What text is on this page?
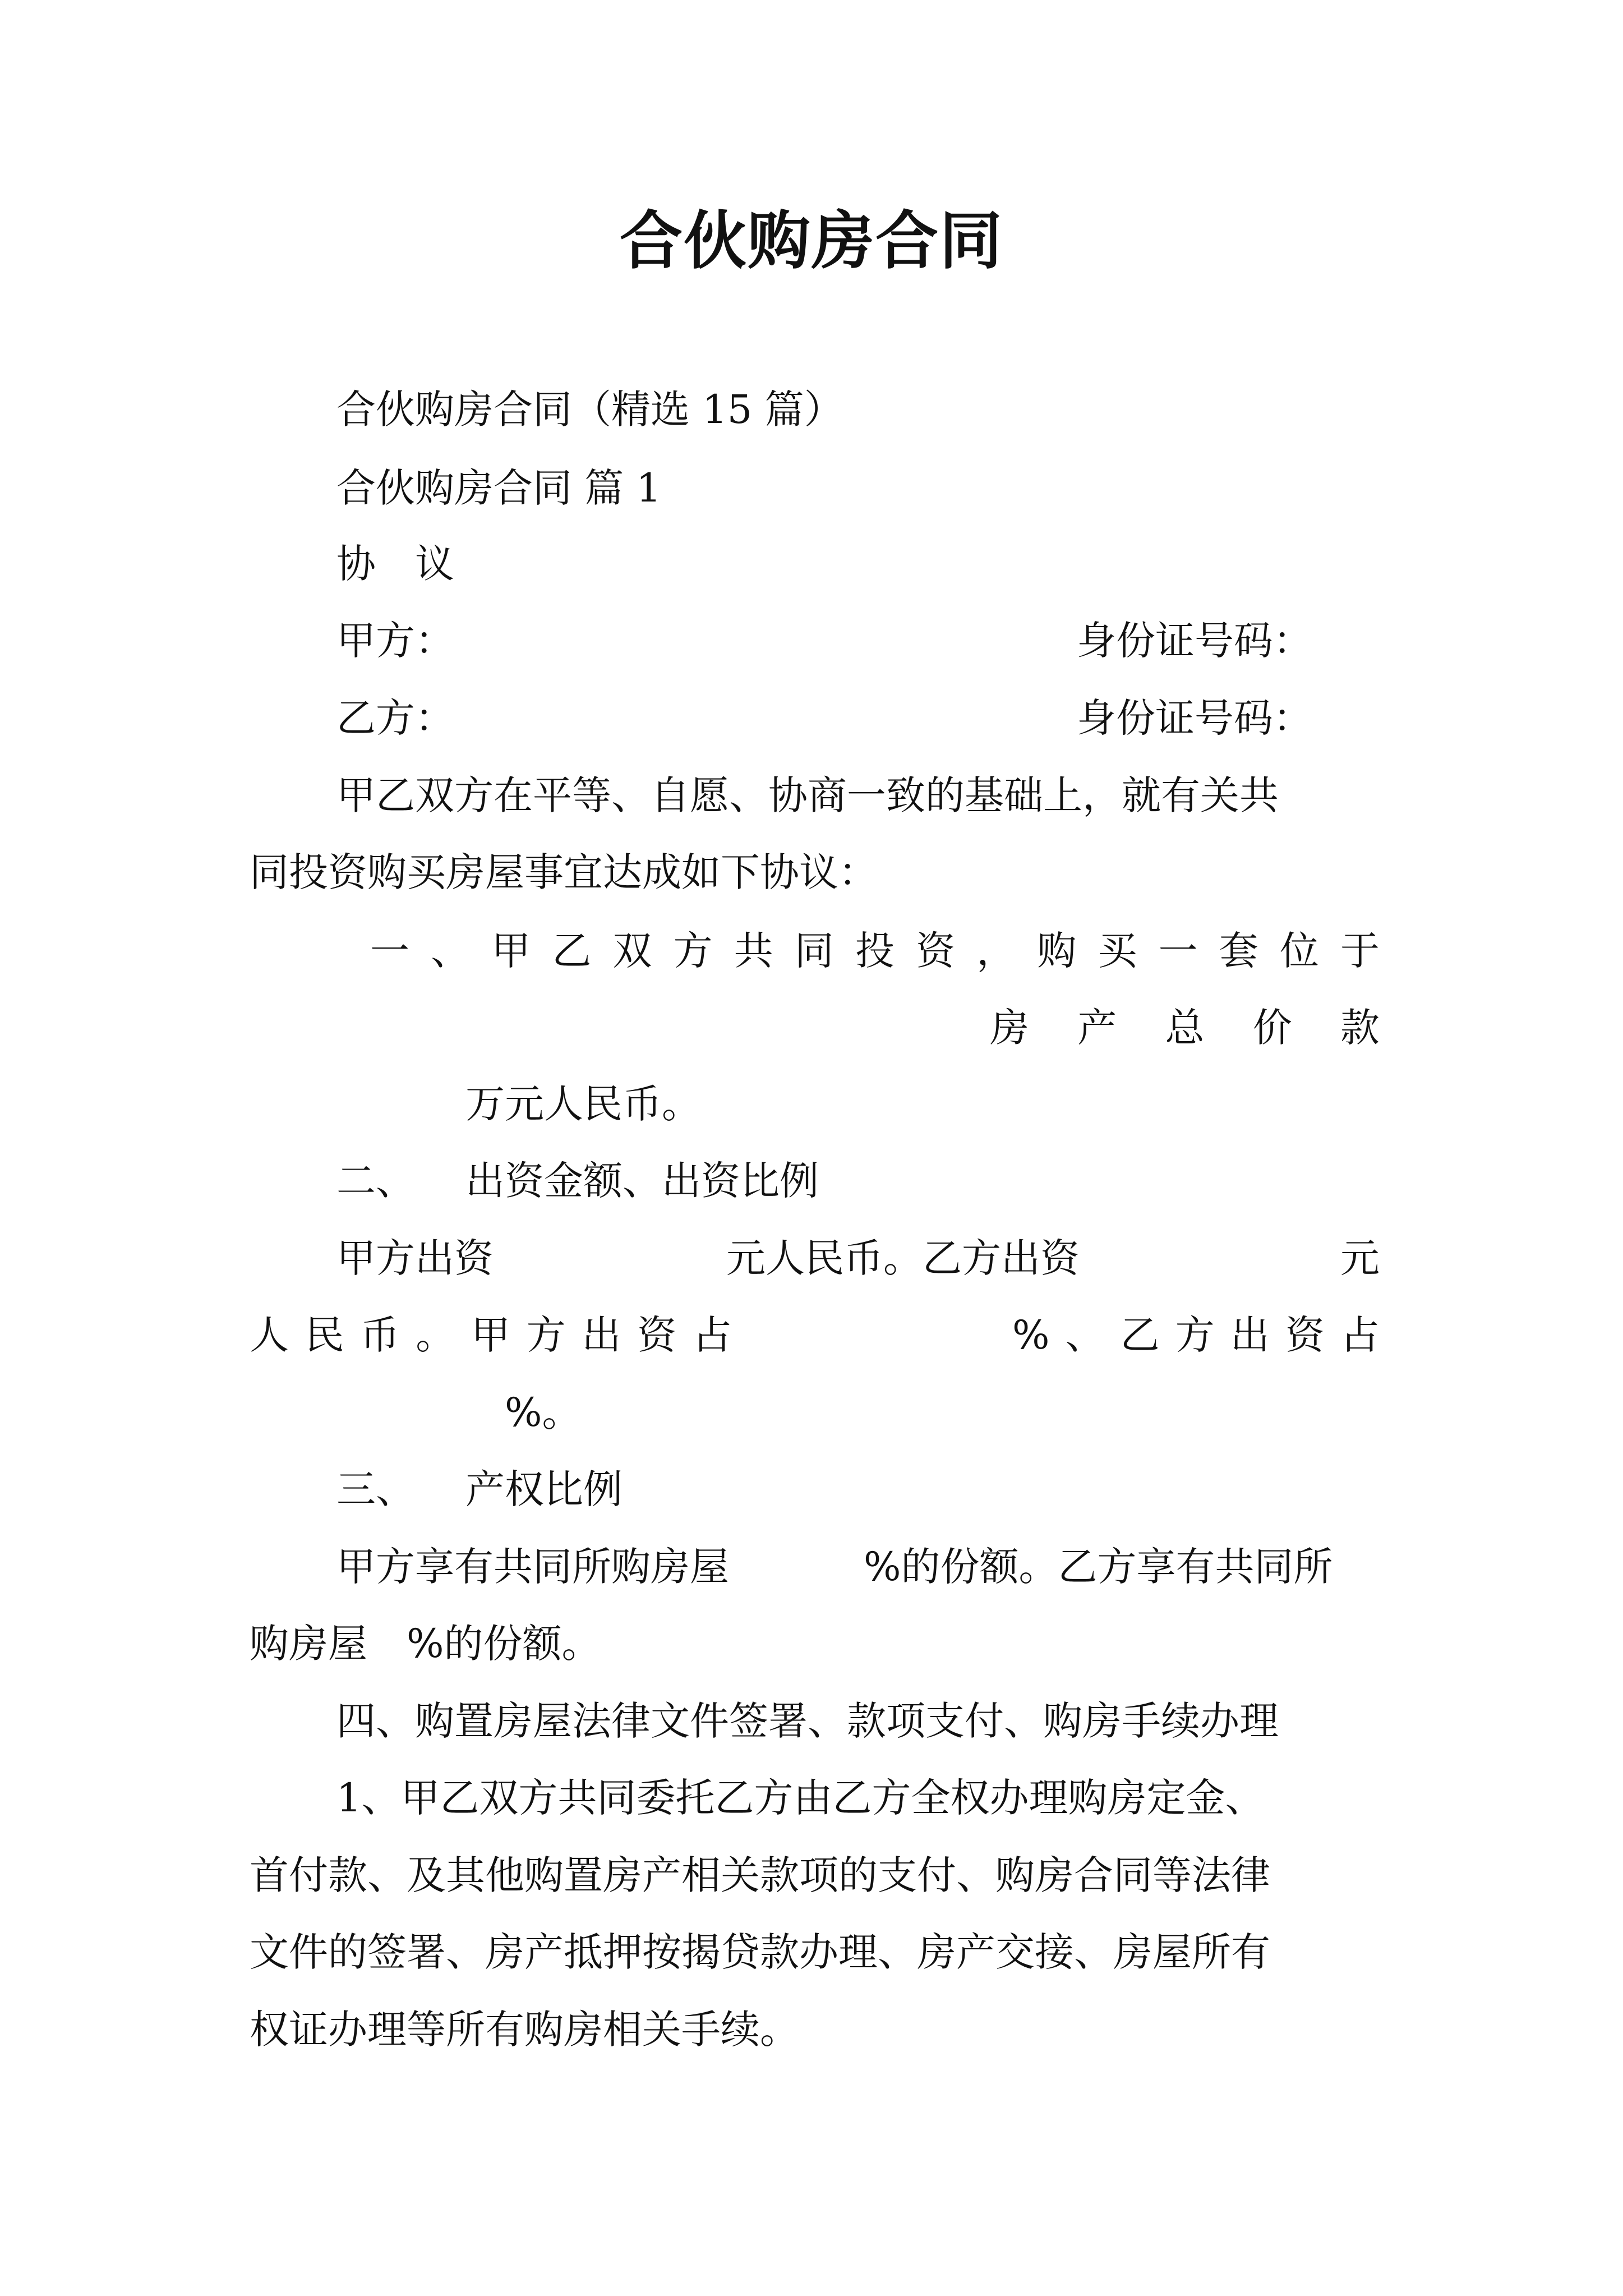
合伙购房合同
合伙购房合同（精选 15 篇）
合伙购房合同 篇 1
协　议
甲方：	身份证号码：
乙方：	身份证号码：
甲乙双方在平等、自愿、协商一致的基础上，就有关共
同投资购买房屋事宜达成如下协议：
一 、 甲 乙 双 方 共 同 投 资 ， 购 买 一 套 位 于
房 产 总 价 款
万元人民币。
二、 出资金额、出资比例
甲方出资	元人民币。乙方出资	元
人 民 币 。 甲 方 出 资 占	% 、 乙 方 出 资 占
%。
三、 产权比例
甲方享有共同所购房屋	%的份额。乙方享有共同所
购房屋　%的份额。
四、购置房屋法律文件签署、款项支付、购房手续办理
1、甲乙双方共同委托乙方由乙方全权办理购房定金、
首付款、及其他购置房产相关款项的支付、购房合同等法律
文件的签署、房产抵押按揭贷款办理、房产交接、房屋所有
权证办理等所有购房相关手续。
